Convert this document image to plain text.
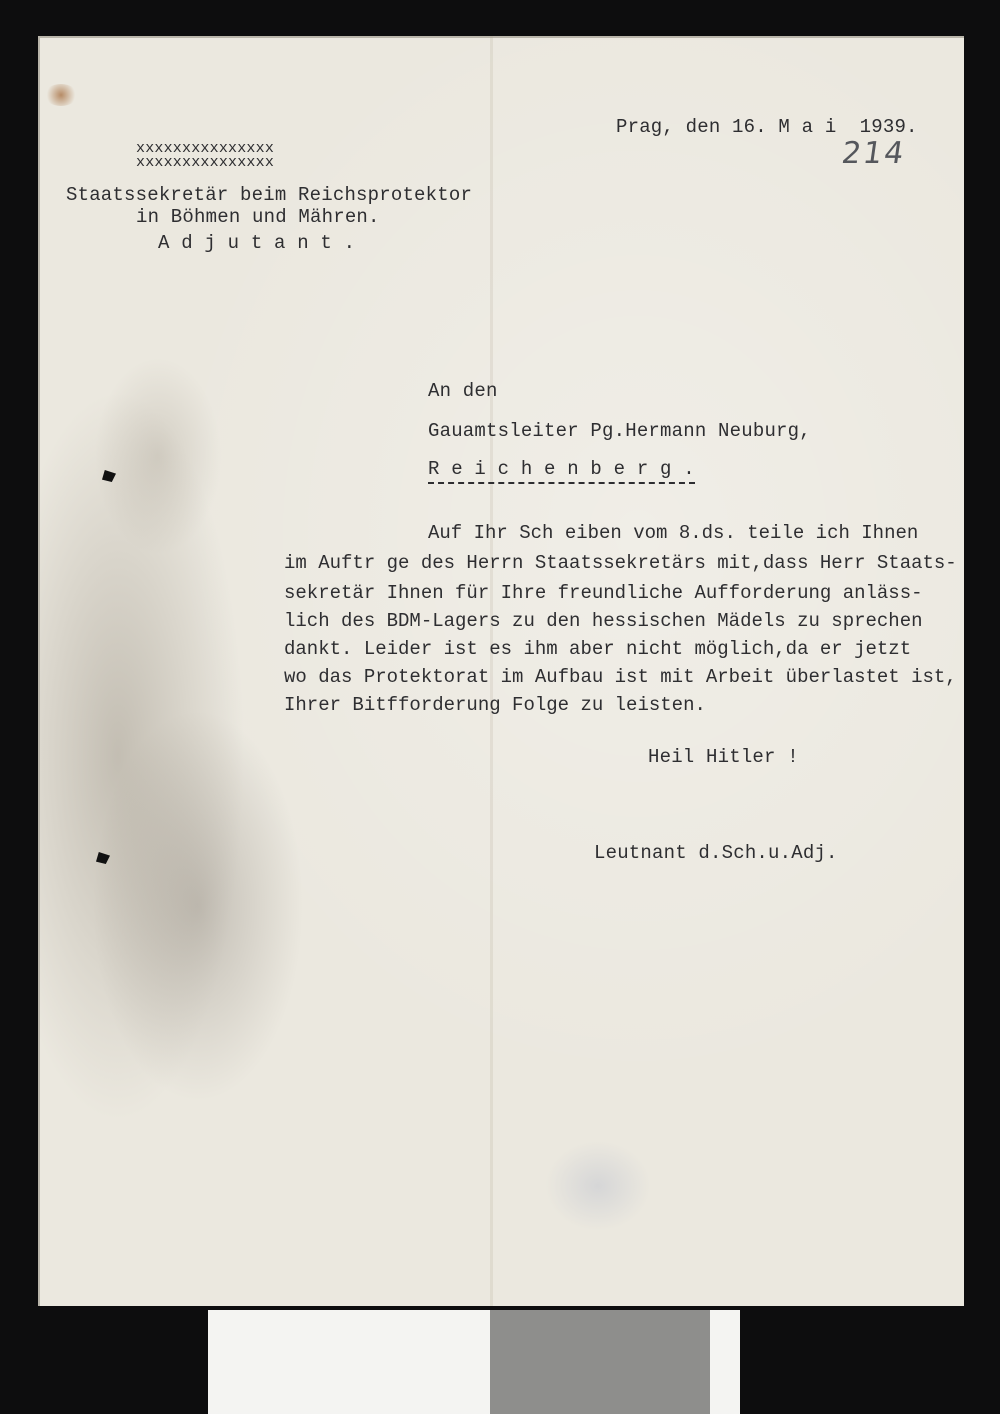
Prag, den 16. M a i  1939.
214
xxxxxxxxxxxxxxx
xxxxxxxxxxxxxxx
Staatssekretär beim Reichsprotektor
in Böhmen und Mähren.
A d j u t a n t .
An den
Gauamtsleiter Pg.Hermann Neuburg,
R e i c h e n b e r g .
Auf Ihr Sch eiben vom 8.ds. teile ich Ihnen
im Auftr ge des Herrn Staatssekretärs mit,dass Herr Staats-
sekretär Ihnen für Ihre freundliche Aufforderung anläss-
lich des BDM-Lagers zu den hessischen Mädels zu sprechen
dankt. Leider ist es ihm aber nicht möglich,da er jetzt
wo das Protektorat im Aufbau ist mit Arbeit überlastet ist,
Ihrer Bitfforderung Folge zu leisten.
Heil Hitler !
Leutnant d.Sch.u.Adj.
